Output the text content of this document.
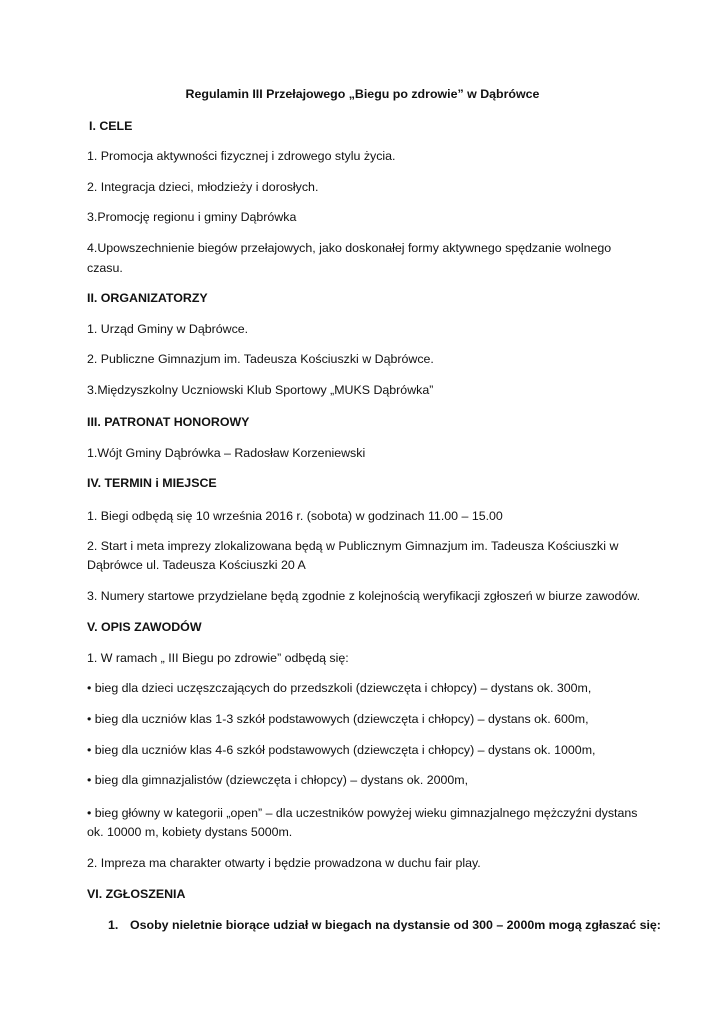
Regulamin III Przełajowego „Biegu po zdrowie” w Dąbrówce

I. CELE

1. Promocja aktywności fizycznej i zdrowego stylu życia.

2. Integracja dzieci, młodzieży i dorosłych.

3.Promocję regionu i gminy Dąbrówka

4.Upowszechnienie biegów przełajowych, jako doskonałej formy aktywnego spędzanie wolnego

czasu.

II. ORGANIZATORZY

1. Urząd Gminy w Dąbrówce.

2. Publiczne Gimnazjum im. Tadeusza Kościuszki w Dąbrówce.

3.Międzyszkolny Uczniowski Klub Sportowy „MUKS Dąbrówka”

III. PATRONAT HONOROWY

1.Wójt Gminy Dąbrówka – Radosław Korzeniewski

IV. TERMIN i MIEJSCE

1. Biegi odbędą się 10 września 2016 r. (sobota) w godzinach 11.00 – 15.00

2. Start i meta imprezy zlokalizowana będą w Publicznym Gimnazjum im. Tadeusza Kościuszki w

Dąbrówce ul. Tadeusza Kościuszki 20 A

3. Numery startowe przydzielane będą zgodnie z kolejnością weryfikacji zgłoszeń w biurze zawodów.

V. OPIS ZAWODÓW

1. W ramach „ III Biegu po zdrowie” odbędą się:

• bieg dla dzieci uczęszczających do przedszkoli (dziewczęta i chłopcy) – dystans ok. 300m,

• bieg dla uczniów klas 1-3 szkół podstawowych (dziewczęta i chłopcy) – dystans ok. 600m,

• bieg dla uczniów klas 4-6 szkół podstawowych (dziewczęta i chłopcy) – dystans ok. 1000m,

• bieg dla gimnazjalistów (dziewczęta i chłopcy) – dystans ok. 2000m,

• bieg główny w kategorii „open” – dla uczestników powyżej wieku gimnazjalnego mężczyźni dystans

ok. 10000 m, kobiety dystans 5000m.

2. Impreza ma charakter otwarty i będzie prowadzona w duchu fair play.

VI. ZGŁOSZENIA

1. Osoby nieletnie biorące udział w biegach na dystansie od 300 – 2000m mogą zgłaszać się:
